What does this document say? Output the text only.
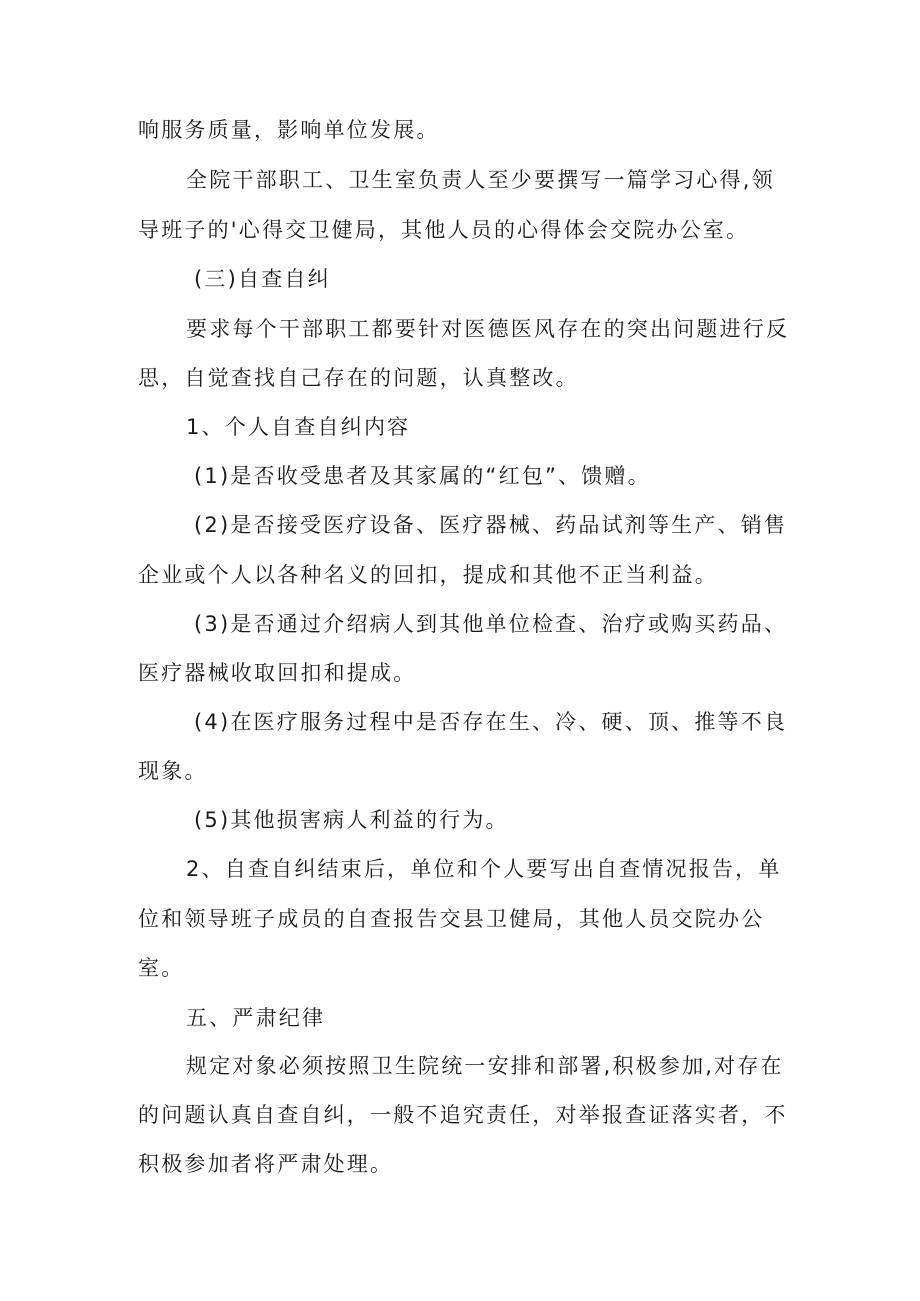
响服务质量，影响单位发展。
全院干部职工、卫生室负责人至少要撰写一篇学习心得,领
导班子的'心得交卫健局，其他人员的心得体会交院办公室。
(三)自查自纠
要求每个干部职工都要针对医德医风存在的突出问题进行反
思，自觉查找自己存在的问题，认真整改。
1、个人自查自纠内容
(1)是否收受患者及其家属的“红包”、馈赠。
(2)是否接受医疗设备、医疗器械、药品试剂等生产、销售
企业或个人以各种名义的回扣，提成和其他不正当利益。
(3)是否通过介绍病人到其他单位检查、治疗或购买药品、
医疗器械收取回扣和提成。
(4)在医疗服务过程中是否存在生、冷、硬、顶、推等不良
现象。
(5)其他损害病人利益的行为。
2、自查自纠结束后，单位和个人要写出自查情况报告，单
位和领导班子成员的自查报告交县卫健局，其他人员交院办公
室。
五、严肃纪律
规定对象必须按照卫生院统一安排和部署,积极参加,对存在
的问题认真自查自纠，一般不追究责任，对举报查证落实者，不
积极参加者将严肃处理。
